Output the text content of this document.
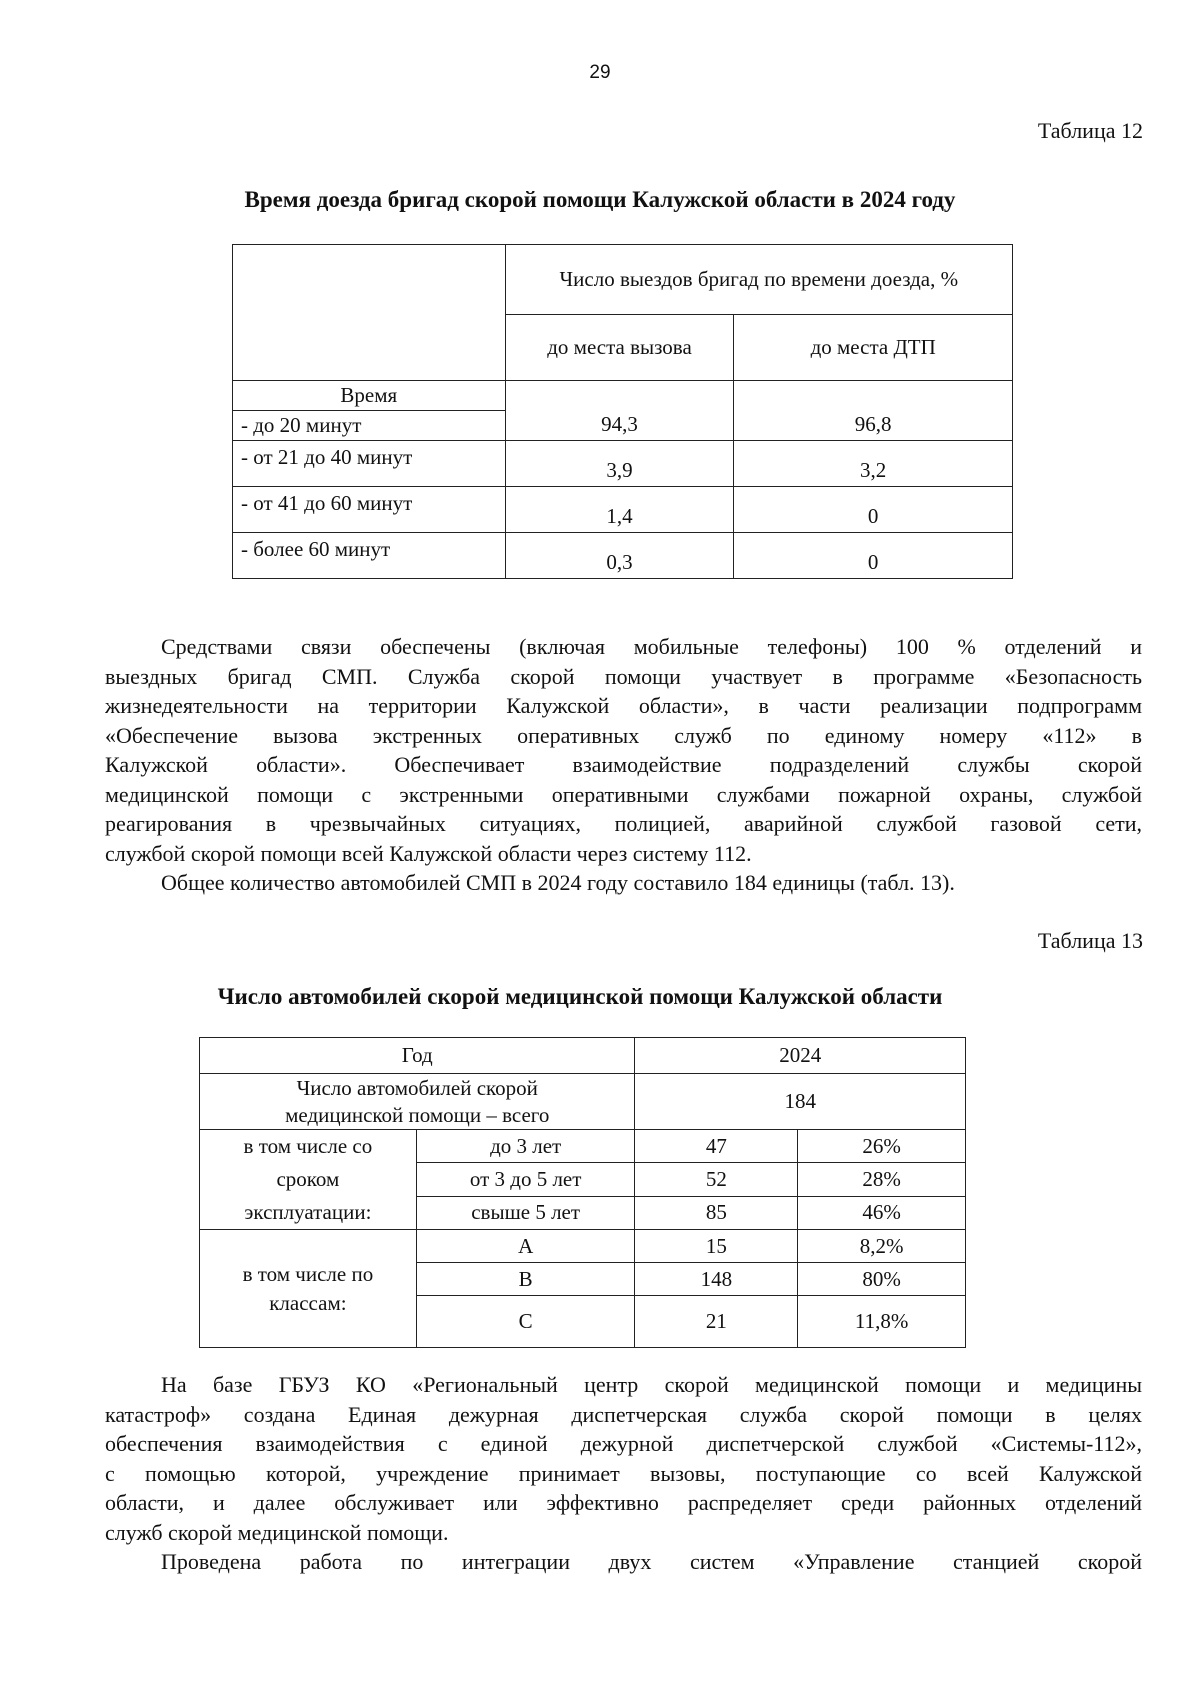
29
Таблица 12
Время доезда бригад скорой помощи Калужской области в 2024 году
	Число выездов бригад по времени доезда, %	
	до места вызова	до места ДТП
Время	94,3	96,8
- до 20 минут		
- от 21 до 40 минут	3,9	3,2
- от 41 до 60 минут	1,4	0
- более 60 минут	0,3	0
Средствами связи обеспечены (включая мобильные телефоны) 100 % отделений и
выездных бригад СМП. Служба скорой помощи участвует в программе «Безопасность
жизнедеятельности на территории Калужской области», в части реализации подпрограмм
«Обеспечение вызова экстренных оперативных служб по единому номеру «112» в
Калужской области». Обеспечивает взаимодействие подразделений службы скорой
медицинской помощи с экстренными оперативными службами пожарной охраны, службой
реагирования в чрезвычайных ситуациях, полицией, аварийной службой газовой сети,
службой скорой помощи всей Калужской области через систему 112.
Общее количество автомобилей СМП в 2024 году составило 184 единицы (табл. 13).
Таблица 13
Число автомобилей скорой медицинской помощи Калужской области
Год		2024	

Число автомобилей скорой
медицинской помощи – всего		184	

в том числе со
сроком
эксплуатации:	до 3 лет	47	26%
	от 3 до 5 лет	52	28%
	свыше 5 лет	85	46%

в том числе по
классам:	А	15	8,2%
	В	148	80%
	С	21	11,8%
На базе ГБУЗ КО «Региональный центр скорой медицинской помощи и медицины
катастроф» создана Единая дежурная диспетчерская служба скорой помощи в целях
обеспечения взаимодействия с единой дежурной диспетчерской службой «Системы-112»,
с помощью которой, учреждение принимает вызовы, поступающие со всей Калужской
области, и далее обслуживает или эффективно распределяет среди районных отделений
служб скорой медицинской помощи.
Проведена работа по интеграции двух систем «Управление станцией скорой
